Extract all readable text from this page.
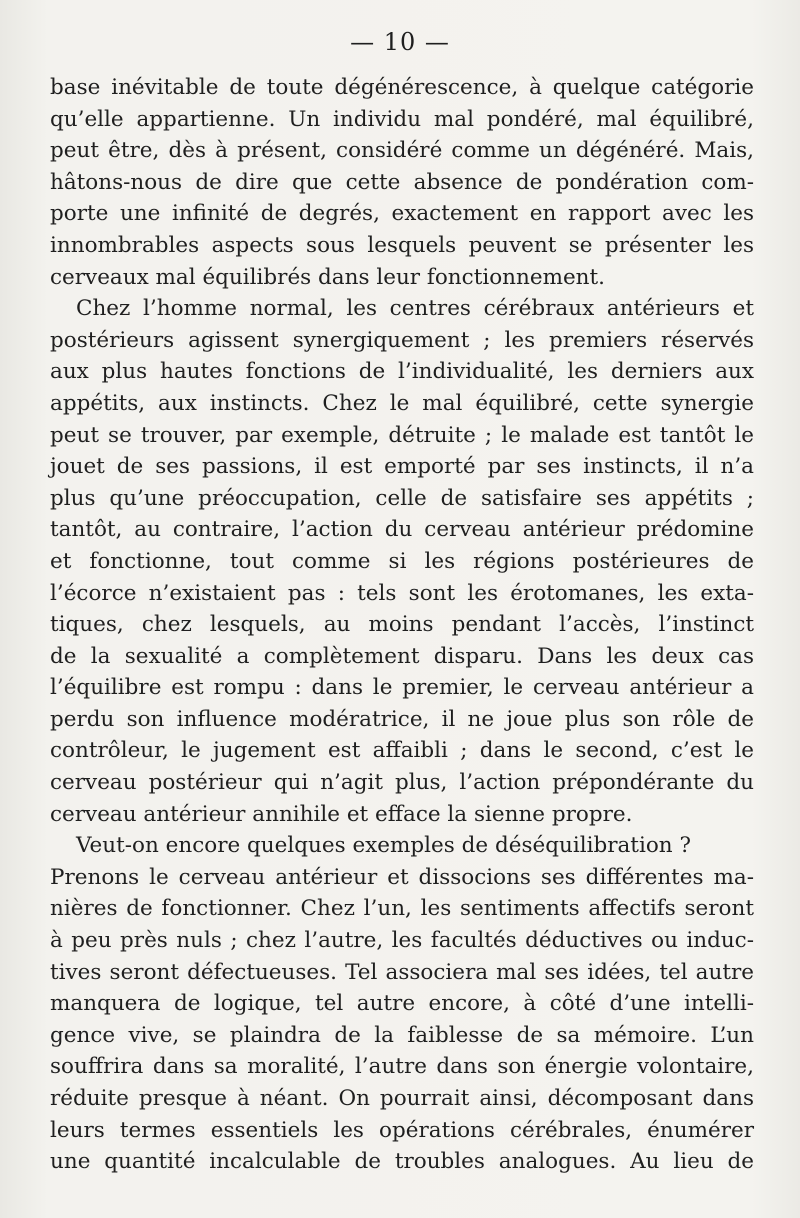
— 10 —
base inévitable de toute dégénérescence, à quelque catégorie
qu’elle appartienne. Un individu mal pondéré, mal équilibré,
peut être, dès à présent, considéré comme un dégénéré. Mais,
hâtons-nous de dire que cette absence de pondération com-
porte une infinité de degrés, exactement en rapport avec les
innombrables aspects sous lesquels peuvent se présenter les
cerveaux mal équilibrés dans leur fonctionnement.
Chez l’homme normal, les centres cérébraux antérieurs et
postérieurs agissent synergiquement ; les premiers réservés
aux plus hautes fonctions de l’individualité, les derniers aux
appétits, aux instincts. Chez le mal équilibré, cette synergie
peut se trouver, par exemple, détruite ; le malade est tantôt le
jouet de ses passions, il est emporté par ses instincts, il n’a
plus qu’une préoccupation, celle de satisfaire ses appétits ;
tantôt, au contraire, l’action du cerveau antérieur prédomine
et fonctionne, tout comme si les régions postérieures de
l’écorce n’existaient pas : tels sont les érotomanes, les exta-
tiques, chez lesquels, au moins pendant l’accès, l’instinct
de la sexualité a complètement disparu. Dans les deux cas
l’équilibre est rompu : dans le premier, le cerveau antérieur a
perdu son influence modératrice, il ne joue plus son rôle de
contrôleur, le jugement est affaibli ; dans le second, c’est le
cerveau postérieur qui n’agit plus, l’action prépondérante du
cerveau antérieur annihile et efface la sienne propre.
Veut-on encore quelques exemples de déséquilibration ?
Prenons le cerveau antérieur et dissocions ses différentes ma-
nières de fonctionner. Chez l’un, les sentiments affectifs seront
à peu près nuls ; chez l’autre, les facultés déductives ou induc-
tives seront défectueuses. Tel associera mal ses idées, tel autre
manquera de logique, tel autre encore, à côté d’une intelli-
gence vive, se plaindra de la faiblesse de sa mémoire. L’un
souffrira dans sa moralité, l’autre dans son énergie volontaire,
réduite presque à néant. On pourrait ainsi, décomposant dans
leurs termes essentiels les opérations cérébrales, énumérer
une quantité incalculable de troubles analogues. Au lieu de
